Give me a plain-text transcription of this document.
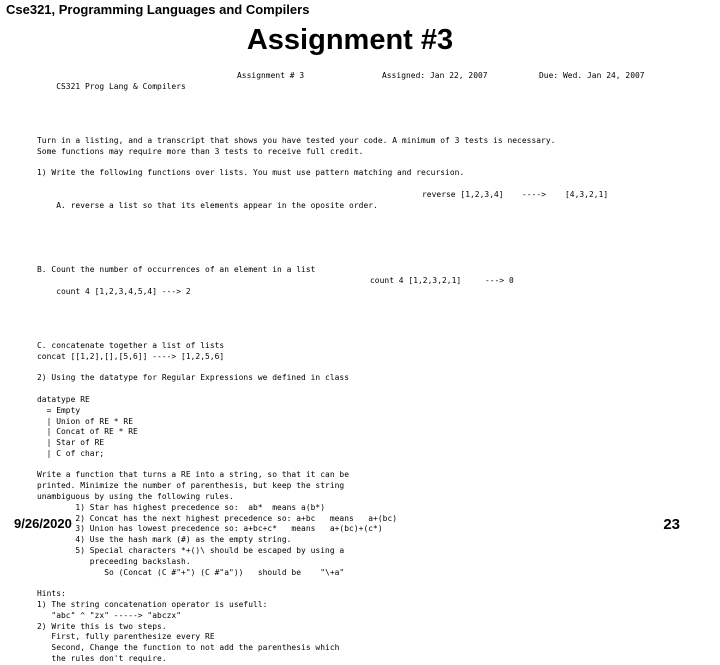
Cse321, Programming Languages and Compilers
Assignment #3

CS321 Prog Lang & Compilers

Assignment # 3

	Assigned: Jan 22, 2007

	Due: Wed. Jan 24, 2007

Turn in a listing, and a transcript that shows you have tested your code. A minimum of 3 tests is necessary.
Some functions may require more than 3 tests to receive full credit.
1) Write the following functions over lists. You must use pattern matching and recursion.

A. reverse a list so that its elements appear in the oposite order.

reverse [1,2,3,4]

---->

[4,3,2,1]

B. Count the number of occurrences of an element in a list

count 4 [1,2,3,4,5,4] ---> 2

count 4 [1,2,3,2,1]

	---> 0

C. concatenate together a list of lists
concat [[1,2],[],[5,6]] ----> [1,2,5,6]
2) Using the datatype for Regular Expressions we defined in class
datatype RE
= Empty
| Union of RE * RE
| Concat of RE * RE
| Star of RE
| C of char;
Write a function that turns a RE into a string, so that it can be
printed. Minimize the number of parenthesis, but keep the string
unambiguous by using the following rules.
1) Star has highest precedence so:  ab*  means a(b*)
2) Concat has the next highest precedence so: a+bc   means   a+(bc)
3) Union has lowest precedence so: a+bc+c*   means   a+(bc)+(c*)
4) Use the hash mark (#) as the empty string.
5) Special characters *+()\ should be escaped by using a
preceeding backslash.
So (Concat (C #"+") (C #"a"))   should be    "\+a"
Hints:
1) The string concatenation operator is usefull:
"abc" ^ "zx" -----> "abczx"
2) Write this is two steps.
First, fully parenthesize every RE
Second, Change the function to not add the parenthesis which
the rules don't require.
9/26/2020	23
